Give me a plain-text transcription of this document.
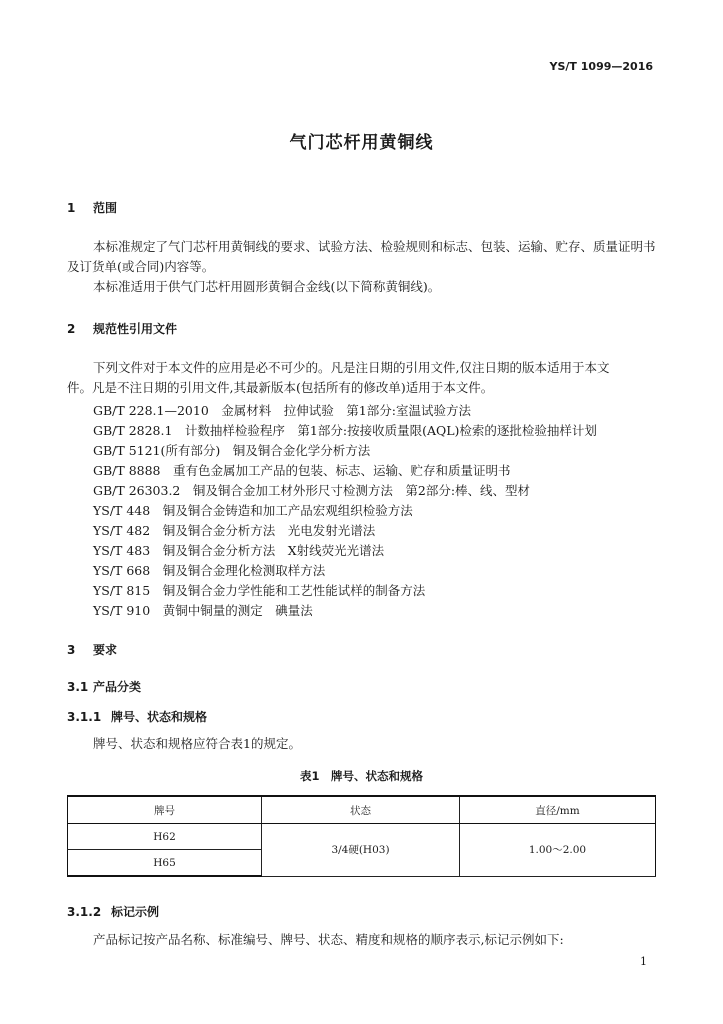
YS/T 1099—2016
气门芯杆用黄铜线
1 范围
本标准规定了气门芯杆用黄铜线的要求、试验方法、检验规则和标志、包装、运输、贮存、质量证明书
及订货单(或合同)内容等。
本标准适用于供气门芯杆用圆形黄铜合金线(以下简称黄铜线)。
2 规范性引用文件
下列文件对于本文件的应用是必不可少的。凡是注日期的引用文件,仅注日期的版本适用于本文
件。凡是不注日期的引用文件,其最新版本(包括所有的修改单)适用于本文件。
GB/T 228.1—2010　金属材料　拉伸试验　第1部分:室温试验方法
GB/T 2828.1　计数抽样检验程序　第1部分:按接收质量限(AQL)检索的逐批检验抽样计划
GB/T 5121(所有部分)　铜及铜合金化学分析方法
GB/T 8888　重有色金属加工产品的包装、标志、运输、贮存和质量证明书
GB/T 26303.2　铜及铜合金加工材外形尺寸检测方法　第2部分:棒、线、型材
YS/T 448　铜及铜合金铸造和加工产品宏观组织检验方法
YS/T 482　铜及铜合金分析方法　光电发射光谱法
YS/T 483　铜及铜合金分析方法　X射线荧光光谱法
YS/T 668　铜及铜合金理化检测取样方法
YS/T 815　铜及铜合金力学性能和工艺性能试样的制备方法
YS/T 910　黄铜中铜量的测定　碘量法
3 要求
3.1 产品分类
3.1.1 牌号、状态和规格
牌号、状态和规格应符合表1的规定。
表1　牌号、状态和规格
牌号	状态	直径/mm
H62	3/4硬(H03)	1.00～2.00
H65		
3.1.2 标记示例
产品标记按产品名称、标准编号、牌号、状态、精度和规格的顺序表示,标记示例如下:
1
